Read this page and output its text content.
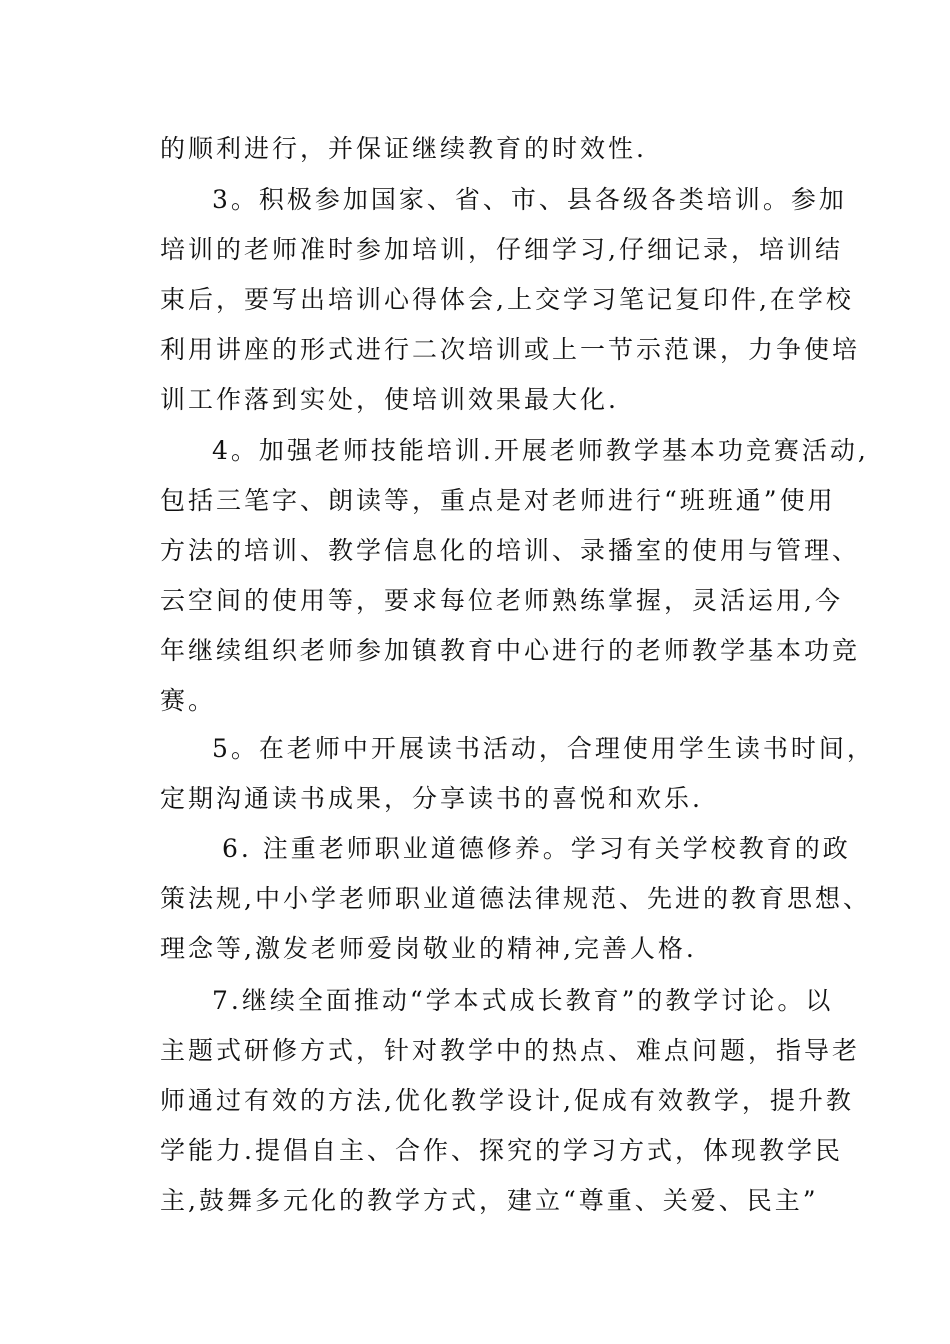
的顺利进行，并保证继续教育的时效性.
3。积极参加国家、省、市、县各级各类培训。参加
培训的老师准时参加培训，仔细学习,仔细记录，培训结
束后，要写出培训心得体会,上交学习笔记复印件,在学校
利用讲座的形式进行二次培训或上一节示范课，力争使培
训工作落到实处，使培训效果最大化.
4。加强老师技能培训.开展老师教学基本功竞赛活动,
包括三笔字、朗读等，重点是对老师进行“班班通”使用
方法的培训、教学信息化的培训、录播室的使用与管理、
云空间的使用等，要求每位老师熟练掌握，灵活运用,今
年继续组织老师参加镇教育中心进行的老师教学基本功竞
赛。
5。在老师中开展读书活动，合理使用学生读书时间，
定期沟通读书成果，分享读书的喜悦和欢乐.
6. 注重老师职业道德修养。学习有关学校教育的政
策法规,中小学老师职业道德法律规范、先进的教育思想、
理念等,激发老师爱岗敬业的精神,完善人格.
7.继续全面推动“学本式成长教育”的教学讨论。以
主题式研修方式，针对教学中的热点、难点问题，指导老
师通过有效的方法,优化教学设计,促成有效教学，提升教
学能力.提倡自主、合作、探究的学习方式，体现教学民
主,鼓舞多元化的教学方式，建立“尊重、关爱、民主”
